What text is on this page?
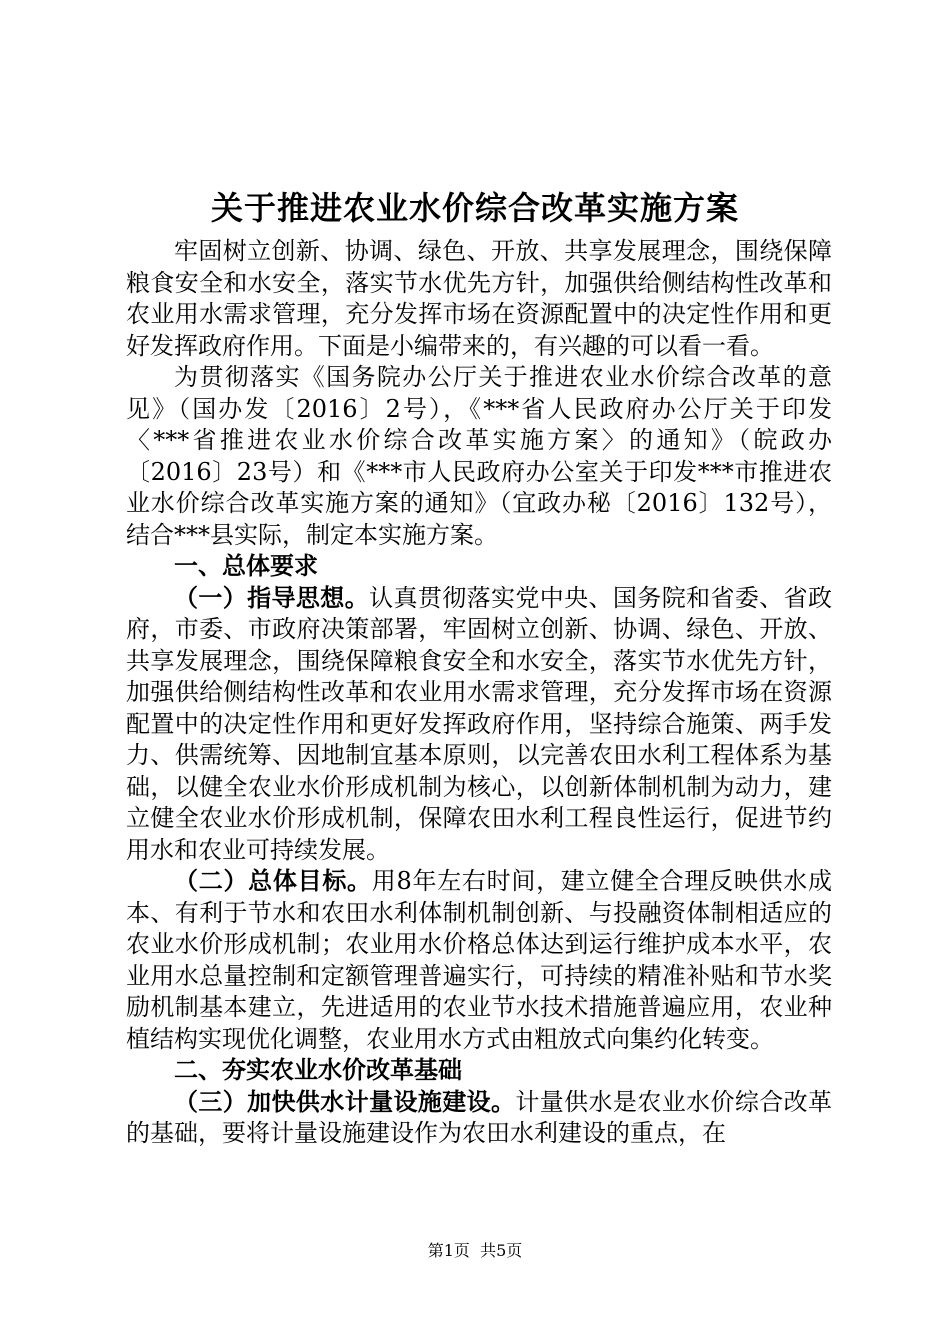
关于推进农业水价综合改革实施方案

牢固树立创新、协调、绿色、开放、共享发展理念，围绕保障粮食安全和水安全，落实节水优先方针，加强供给侧结构性改革和农业用水需求管理，充分发挥市场在资源配置中的决定性作用和更好发挥政府作用。下面是小编带来的，有兴趣的可以看一看。

为贯彻落实《国务院办公厅关于推进农业水价综合改革的意见》（国办发〔2016〕2号），《***省人民政府办公厅关于印发〈***省推进农业水价综合改革实施方案〉的通知》（皖政办〔2016〕23号）和《***市人民政府办公室关于印发***市推进农业水价综合改革实施方案的通知》（宜政办秘〔2016〕132号），结合***县实际，制定本实施方案。

一、总体要求

（一）指导思想。认真贯彻落实党中央、国务院和省委、省政府，市委、市政府决策部署，牢固树立创新、协调、绿色、开放、共享发展理念，围绕保障粮食安全和水安全，落实节水优先方针，加强供给侧结构性改革和农业用水需求管理，充分发挥市场在资源配置中的决定性作用和更好发挥政府作用，坚持综合施策、两手发力、供需统筹、因地制宜基本原则，以完善农田水利工程体系为基础，以健全农业水价形成机制为核心，以创新体制机制为动力，建立健全农业水价形成机制，保障农田水利工程良性运行，促进节约用水和农业可持续发展。

（二）总体目标。用8年左右时间，建立健全合理反映供水成本、有利于节水和农田水利体制机制创新、与投融资体制相适应的农业水价形成机制；农业用水价格总体达到运行维护成本水平，农业用水总量控制和定额管理普遍实行，可持续的精准补贴和节水奖励机制基本建立，先进适用的农业节水技术措施普遍应用，农业种植结构实现优化调整，农业用水方式由粗放式向集约化转变。

二、夯实农业水价改革基础

（三）加快供水计量设施建设。计量供水是农业水价综合改革的基础，要将计量设施建设作为农田水利建设的重点，在

第1页 共5页
